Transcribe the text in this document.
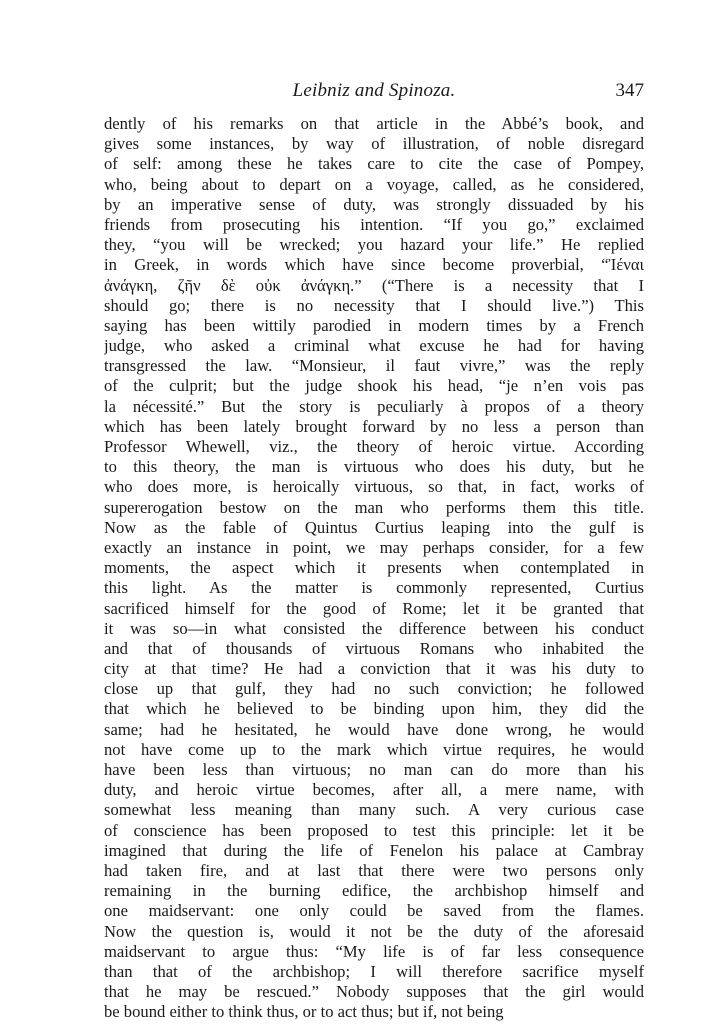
Leibniz and Spinoza.	347
dently of his remarks on that article in the Abbé’s book, and
gives some instances, by way of illustration, of noble disregard
of self: among these he takes care to cite the case of Pompey,
who, being about to depart on a voyage, called, as he considered,
by an imperative sense of duty, was strongly dissuaded by his
friends from prosecuting his intention. “If you go,” exclaimed
they, “you will be wrecked; you hazard your life.” He replied
in Greek, in words which have since become proverbial, “Ἰέναι
ἀνάγκη, ζῆν δὲ οὐκ ἀνάγκη.” (“There is a necessity that I
should go; there is no necessity that I should live.”) This
saying has been wittily parodied in modern times by a French
judge, who asked a criminal what excuse he had for having
transgressed the law. “Monsieur, il faut vivre,” was the reply
of the culprit; but the judge shook his head, “je n’en vois pas
la nécessité.” But the story is peculiarly à propos of a theory
which has been lately brought forward by no less a person than
Professor Whewell, viz., the theory of heroic virtue. According
to this theory, the man is virtuous who does his duty, but he
who does more, is heroically virtuous, so that, in fact, works of
supererogation bestow on the man who performs them this title.
Now as the fable of Quintus Curtius leaping into the gulf is
exactly an instance in point, we may perhaps consider, for a few
moments, the aspect which it presents when contemplated in
this light. As the matter is commonly represented, Curtius
sacrificed himself for the good of Rome; let it be granted that
it was so—in what consisted the difference between his conduct
and that of thousands of virtuous Romans who inhabited the
city at that time? He had a conviction that it was his duty to
close up that gulf, they had no such conviction; he followed
that which he believed to be binding upon him, they did the
same; had he hesitated, he would have done wrong, he would
not have come up to the mark which virtue requires, he would
have been less than virtuous; no man can do more than his
duty, and heroic virtue becomes, after all, a mere name, with
somewhat less meaning than many such. A very curious case
of conscience has been proposed to test this principle: let it be
imagined that during the life of Fenelon his palace at Cambray
had taken fire, and at last that there were two persons only
remaining in the burning edifice, the archbishop himself and
one maidservant: one only could be saved from the flames.
Now the question is, would it not be the duty of the aforesaid
maidservant to argue thus: “My life is of far less consequence
than that of the archbishop; I will therefore sacrifice myself
that he may be rescued.” Nobody supposes that the girl would
be bound either to think thus, or to act thus; but if, not being
